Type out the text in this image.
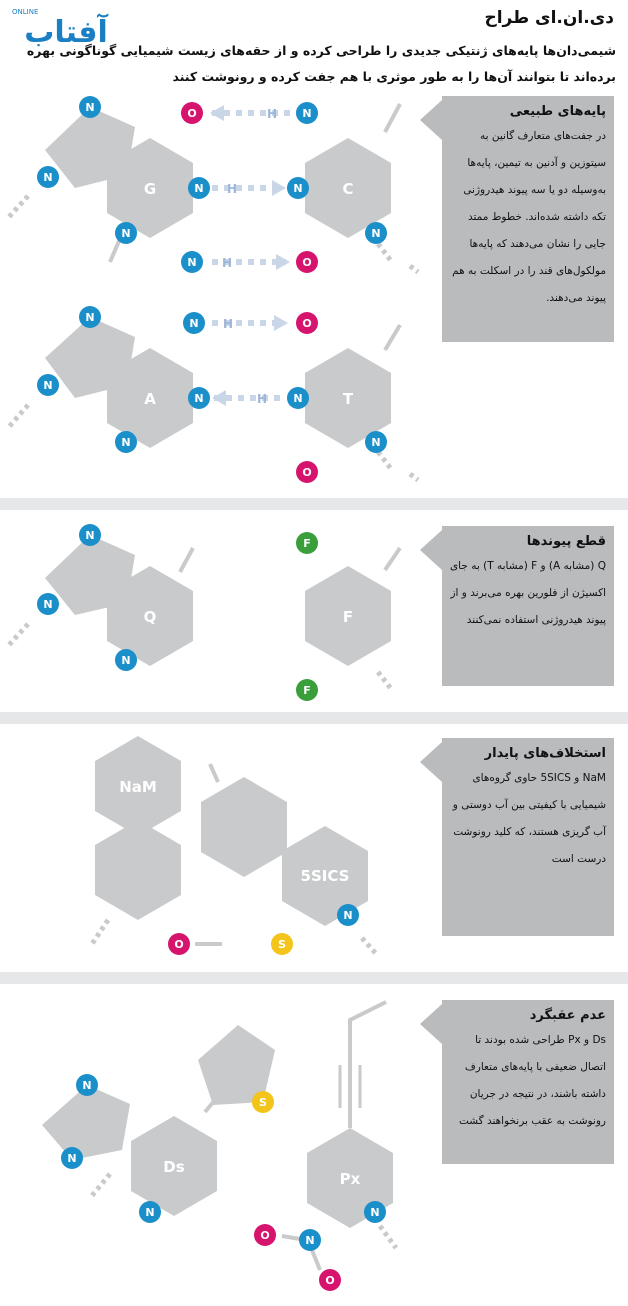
ONLINE
آفتاب	دی.ان.ای طراح
شیمی‌دان‌ها پایه‌های ژنتیکی جدیدی را طراحی کرده و از حقه‌های زیست شیمیایی گوناگونی بهره برده‌اند تا بتوانند آن‌ها را به طور موثری با هم جفت کرده و رونوشت کنند
پایه‌های طبیعی
در جفت‌های متعارف گانین به سیتوزین و آدنین به تیمین، پایه‌ها به‌وسیله دو یا سه پیوند هیدروژنی تکه داشته شده‌اند. خطوط ممتد جایی را نشان می‌دهند که پایه‌ها مولکول‌های قند را در اسکلت به هم پیوند می‌دهند.
قطع پیوندها
Q (مشابه A) و F (مشابه T) به جای اکسیژن از فلورین بهره می‌برند و از پیوند هیدروژنی استفاده نمی‌کنند
استخلاف‌های پایدار
NaM و 5SICS حاوی گروه‌های شیمیایی با کیفیتی بین آب دوستی و آب گریزی هستند، که کلید رونوشت درست است
عدم عقبگرد
Ds و Px طراحی شده بودند تا اتصال ضعیفی با پایه‌های متعارف داشته باشند، در نتیجه در جریان رونوشت به عقب برنخواهند گشت
G	C
H
H
H
N
N
N
O
N
N
N
N
O
N
A	T
H
H
N
N
N
N
N
O
N
N
O
Q	F
N
N
N
F
F
NaM
5SICS
O	S
N
Ds
Px
N
N
N
S
N
N
O
O
